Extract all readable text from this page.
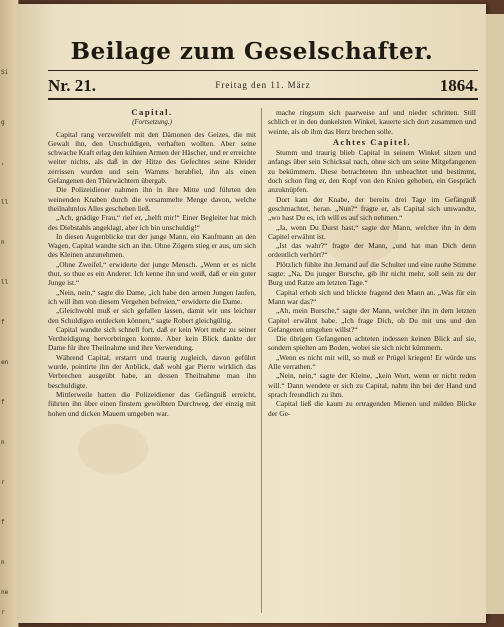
Si
g
,
ll
n
ll
f
en
f
n
r
f
n
ne
r
Beilage zum Geselschafter.
Nr. 21.	Freitag den 11. März	1864.
Capital.
(Fortsetzung.)

Capital rang verzweifelt mit den Dämonen des Geizes, die mit Gewalt ihn, den Unschuldigen, verhaften wollten. Aber seine schwache Kraft erlag den kühnen Armen der Häscher, und er erreichte weiter nichts, als daß in der Hitze des Gefechtes seine Kleider zerrissen wurden und sein Wamms herabfiel, ihn als einen Gefangenen den Thürwächtern übergab.

Die Polizeidiener nahmen ihn in ihre Mitte und führten den weinenden Knaben durch die versammelte Menge davon, welche theilnahmlos Alles geschehen ließ.

„Ach, gnädige Frau,“ rief er, „helft mir!“ Einer Begleiter hat mich des Diebstahls angeklagt, aber ich bin unschuldig!“

In diesen Augenblicke trat der junge Mann, ein Kaufmann an den Wagen, Capital wandte sich an ihn. Ohne Zögern stieg er aus, um sich des Kleinen anzunehmen.

„Ohne Zweifel,“ erwiderte der junge Mensch. „Wenn er es nicht thut, so thue es ein Anderer. Ich kenne ihn und weiß, daß er ein guter Junge ist.“

„Nein, nein,“ sagte die Dame, „ich habe den armen Jungen laufen, ich will ihm von diesem Vergehen befreien,“ erwiderte die Dame.

„Gleichwohl muß er sich gefallen lassen, damit wir uns leichter den Schuldigen entdecken können,“ sagte Robert gleichgültig.

Capital wandte sich schnell fort, daß er kein Wort mehr zu seiner Vertheidigung hervorbringen konnte. Aber kein Blick dankte der Dame für ihre Theilnahme und ihre Verwendung.

Während Capital, erstarrt und traurig zugleich, davon geführt wurde, pointirte ihn der Anblick, daß wohl gar Pierre wirklich das Verbrechen ausgeübt habe, an dessen Theilnahme man ihn beschuldigte.

Mittlerweile hatten die Polizeidiener das Gefängniß erreicht, führten ihn über einen finstern gewölbten Durchweg, der einzig mit hohen und dicken Mauern umgeben war.

mache ringsum sich paarweise auf und nieder schritten. Still schlich er in den dunkelsten Winkel, kauerte sich dort zusammen und weinte, als ob ihm das Herz brechen solle.

Achtes Capitel.

Stumm und traurig blieb Capital in seinem Winkel sitzen und anfangs über sein Schicksal nach, ohne sich um seine Mitgefangenen zu bekümmern. Diese betrachteten ihn unbeachtet und bestimmt, doch schon fing er, den Kopf von den Knien gehoben, ein Gespräch anzuknüpfen.

Dort kam der Knabe, der bereits drei Tage im Gefängniß geschmachtet, heran. „Nun?“ fragte er, als Capital sich umwandte, „wo hast Du es, ich will es auf sich nehmen.“

„Ja, wenn Du Durst hast,“ sagte der Mann, welcher ihn in dem Capitel erwähnt ist.

„Ist das wahr?“ fragte der Mann, „und hat man Dich denn ordentlich verhört?“

Plötzlich fühlte ihn Jemand auf die Schulter und eine rauhe Stimme sagte: „Na, Du junger Bursche, gib ihr nicht mehr, soll sein zu der Burg und Ratze am letzten Tage.“

Capital erhob sich und blickte fragend den Mann an. „Was für ein Mann war das?“

„Ah, mein Bursche,“ sagte der Mann, welcher ihn in dem letzten Capitel erwähnt habe. „Ich frage Dich, ob Du mit uns und den Gefangenen umgehen willst?“

Die übrigen Gefangenen achteten indessen keinen Blick auf sie, sondern spielten am Boden, wobei sie sich nicht kümmern.

„Wenn es nicht mit will, so muß er Prügel kriegen! Er würde uns Alle verrathen.“

„Nein, nein,“ sagte der Kleine, „kein Wort, wenn er nicht reden will.“ Dann wendete er sich zu Capital, nahm ihn bei der Hand und sprach freundlich zu ihm.

Capital ließ die kaum zu ertragenden Mienen und milden Blicke der Ge-
